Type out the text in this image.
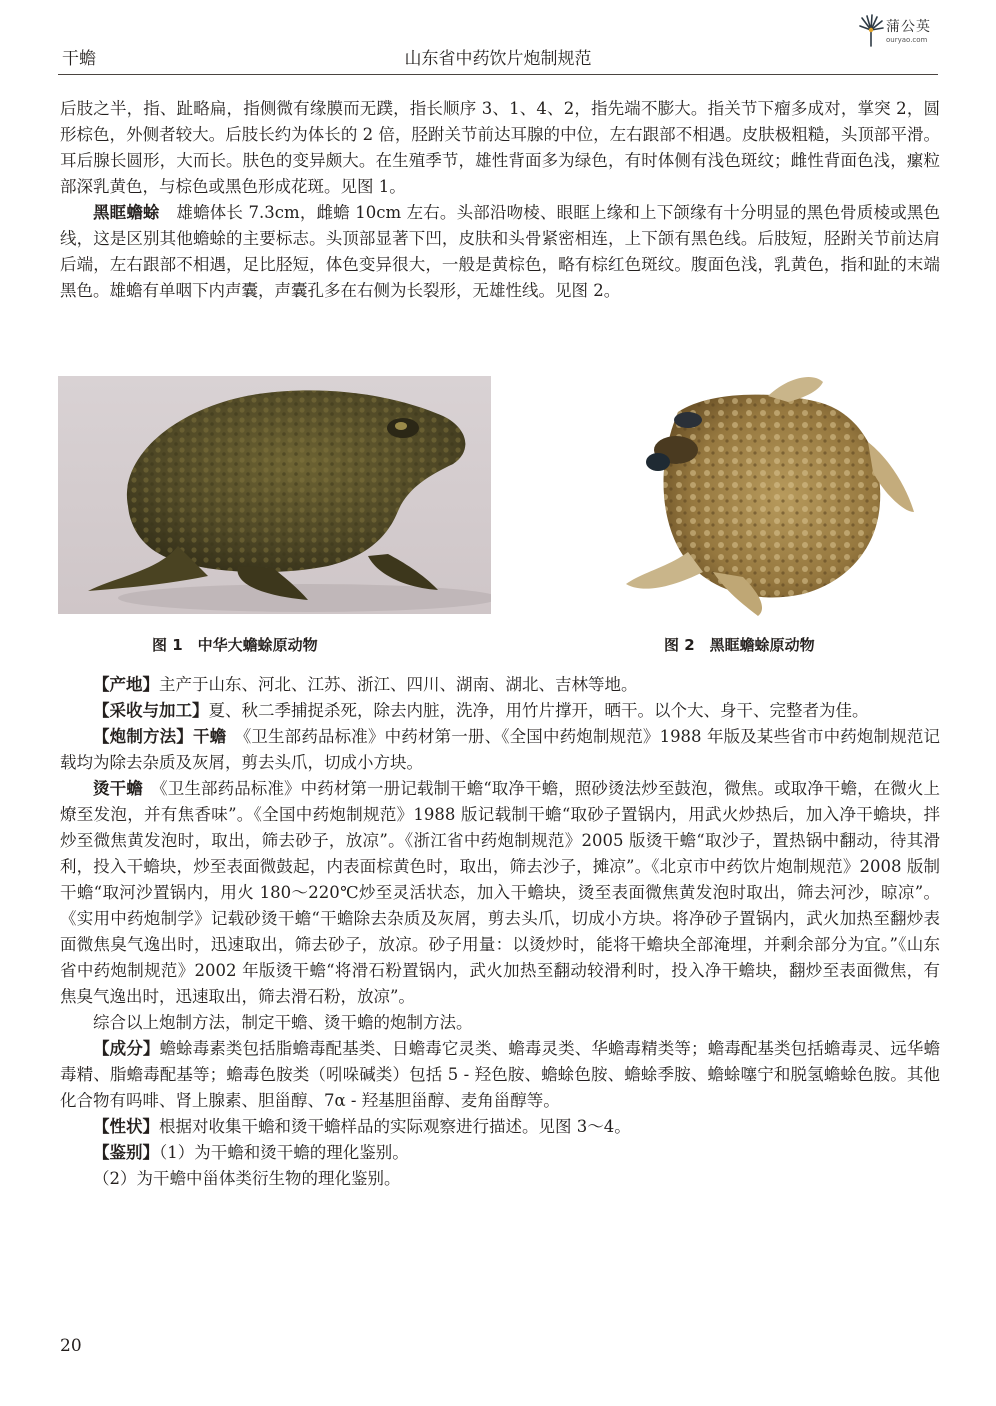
蒲公英
ouryao.com
干蟾	山东省中药饮片炮制规范

后肢之半，指、趾略扁，指侧微有缘膜而无蹼，指长顺序 3、1、4、2，指先端不膨大。指关节下瘤多成对，掌突 2，圆形棕色，外侧者较大。后肢长约为体长的 2 倍，胫跗关节前达耳腺的中位，左右跟部不相遇。皮肤极粗糙，头顶部平滑。耳后腺长圆形，大而长。肤色的变异颇大。在生殖季节，雄性背面多为绿色，有时体侧有浅色斑纹；雌性背面色浅，瘰粒部深乳黄色，与棕色或黑色形成花斑。见图 1。

黑眶蟾蜍　 雄蟾体长 7.3cm，雌蟾 10cm 左右。头部沿吻棱、眼眶上缘和上下颌缘有十分明显的黑色骨质棱或黑色线，这是区别其他蟾蜍的主要标志。头顶部显著下凹，皮肤和头骨紧密相连，上下颌有黑色线。后肢短，胫跗关节前达肩后端，左右跟部不相遇，足比胫短，体色变异很大，一般是黄棕色，略有棕红色斑纹。腹面色浅，乳黄色，指和趾的末端黑色。雄蟾有单咽下内声囊，声囊孔多在右侧为长裂形，无雄性线。见图 2。

图 1　中华大蟾蜍原动物	图 2　黑眶蟾蜍原动物

【产地】主产于山东、河北、江苏、浙江、四川、湖南、湖北、吉林等地。

【采收与加工】夏、秋二季捕捉杀死，除去内脏，洗净，用竹片撑开，晒干。以个大、身干、完整者为佳。

【炮制方法】干蟾　 《卫生部药品标准》中药材第一册、《全国中药炮制规范》1988 年版及某些省市中药炮制规范记载均为除去杂质及灰屑，剪去头爪，切成小方块。

烫干蟾　 《卫生部药品标准》中药材第一册记载制干蟾“取净干蟾，照砂烫法炒至鼓泡，微焦。或取净干蟾，在微火上燎至发泡，并有焦香味”。《全国中药炮制规范》1988 版记载制干蟾“取砂子置锅内，用武火炒热后，加入净干蟾块，拌炒至微焦黄发泡时，取出，筛去砂子，放凉”。《浙江省中药炮制规范》2005 版烫干蟾“取沙子，置热锅中翻动，待其滑利，投入干蟾块，炒至表面微鼓起，内表面棕黄色时，取出，筛去沙子，摊凉”。《北京市中药饮片炮制规范》2008 版制干蟾“取河沙置锅内，用火 180～220℃炒至灵活状态，加入干蟾块，烫至表面微焦黄发泡时取出，筛去河沙，晾凉”。《实用中药炮制学》记载砂烫干蟾“干蟾除去杂质及灰屑，剪去头爪，切成小方块。将净砂子置锅内，武火加热至翻炒表面微焦臭气逸出时，迅速取出，筛去砂子，放凉。砂子用量：以烫炒时，能将干蟾块全部淹埋，并剩余部分为宜。”《山东省中药炮制规范》2002 年版烫干蟾“将滑石粉置锅内，武火加热至翻动较滑利时，投入净干蟾块，翻炒至表面微焦，有焦臭气逸出时，迅速取出，筛去滑石粉，放凉”。

综合以上炮制方法，制定干蟾、烫干蟾的炮制方法。

【成分】蟾蜍毒素类包括脂蟾毒配基类、日蟾毒它灵类、蟾毒灵类、华蟾毒精类等；蟾毒配基类包括蟾毒灵、远华蟾毒精、脂蟾毒配基等；蟾毒色胺类（吲哚碱类）包括 5 - 羟色胺、蟾蜍色胺、蟾蜍季胺、蟾蜍噻宁和脱氢蟾蜍色胺。其他化合物有吗啡、肾上腺素、胆甾醇、7α - 羟基胆甾醇、麦角甾醇等。

【性状】根据对收集干蟾和烫干蟾样品的实际观察进行描述。见图 3～4。

【鉴别】（1）为干蟾和烫干蟾的理化鉴别。

（2）为干蟾中甾体类衍生物的理化鉴别。

20
